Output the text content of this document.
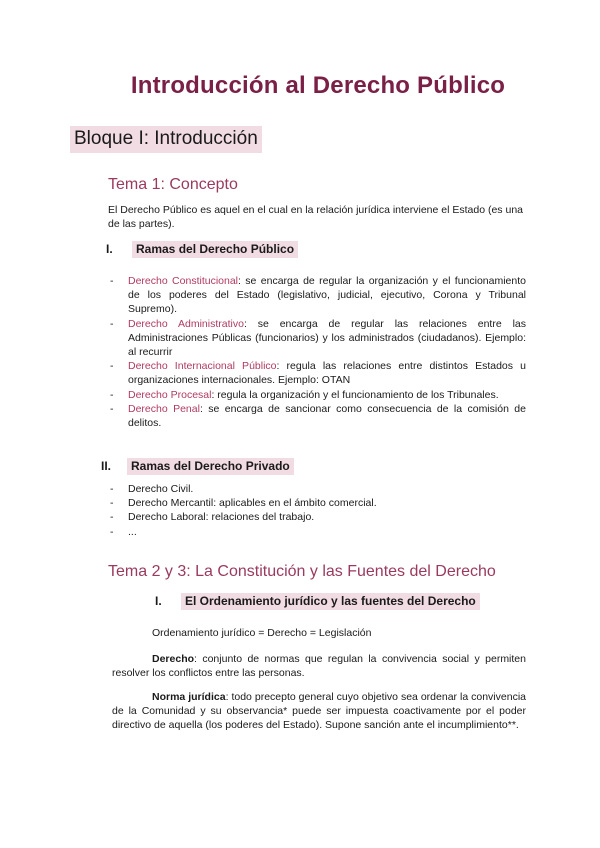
Introducción al Derecho Público
Bloque I: Introducción
Tema 1: Concepto
El Derecho Público es aquel en el cual en la relación jurídica interviene el Estado (es una de las partes).
I. Ramas del Derecho Público
- Derecho Constitucional: se encarga de regular la organización y el funcionamiento de los poderes del Estado (legislativo, judicial, ejecutivo, Corona y Tribunal Supremo).
- Derecho Administrativo: se encarga de regular las relaciones entre las Administraciones Públicas (funcionarios) y los administrados (ciudadanos). Ejemplo: al recurrir
- Derecho Internacional Público: regula las relaciones entre distintos Estados u organizaciones internacionales. Ejemplo: OTAN
- Derecho Procesal: regula la organización y el funcionamiento de los Tribunales.
- Derecho Penal: se encarga de sancionar como consecuencia de la comisión de delitos.
II. Ramas del Derecho Privado
- Derecho Civil.
- Derecho Mercantil: aplicables en el ámbito comercial.
- Derecho Laboral: relaciones del trabajo.
- ...
Tema 2 y 3: La Constitución y las Fuentes del Derecho
I. El Ordenamiento jurídico y las fuentes del Derecho
Ordenamiento jurídico = Derecho = Legislación
Derecho: conjunto de normas que regulan la convivencia social y permiten resolver los conflictos entre las personas.
Norma jurídica: todo precepto general cuyo objetivo sea ordenar la convivencia de la Comunidad y su observancia* puede ser impuesta coactivamente por el poder directivo de aquella (los poderes del Estado). Supone sanción ante el incumplimiento**.
